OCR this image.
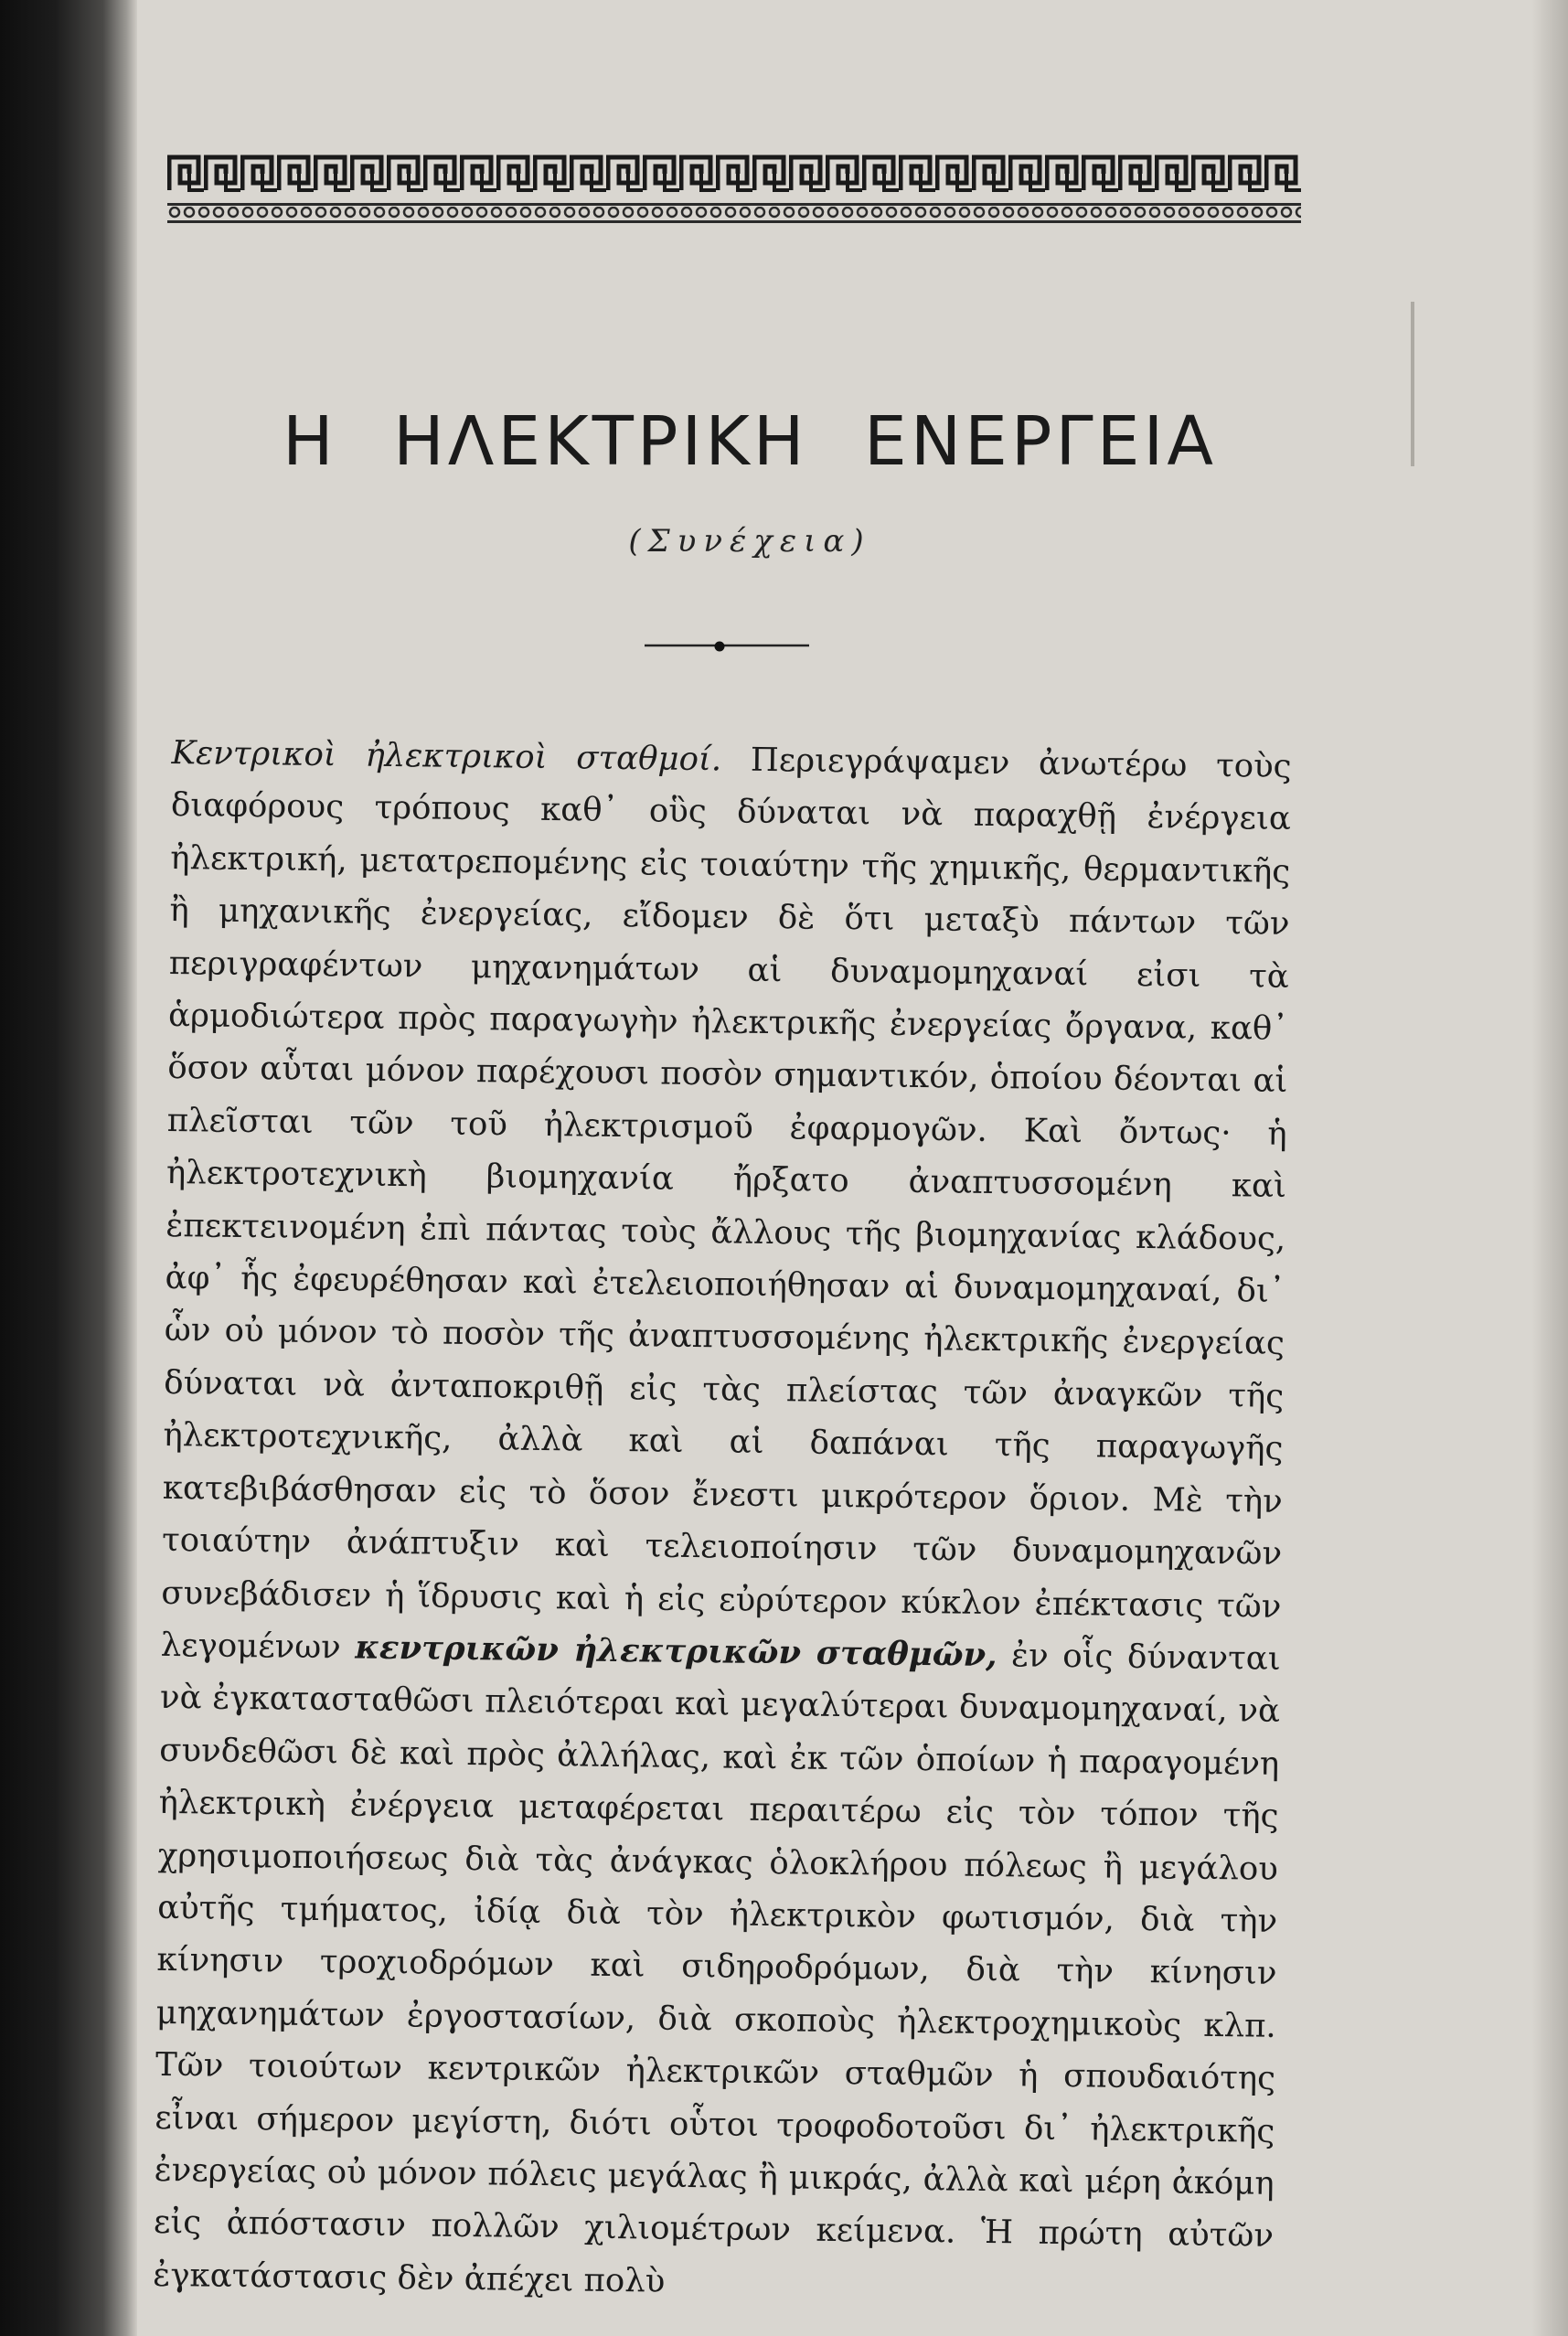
Η ΗΛΕΚΤΡΙΚΗ ΕΝΕΡΓΕΙΑ
(Συνέχεια)

Κεντρικοὶ ἠλεκτρικοὶ σταθμοί. Περιεγράψαμεν ἀνωτέρω τοὺς διαφόρους τρόπους καθ᾽ οὓς δύναται νὰ παραχθῇ ἐνέργεια ἠλεκτρική, μετατρεπομένης εἰς τοιαύτην τῆς χημικῆς, θερμαντικῆς ἢ μηχανικῆς ἐνεργείας, εἴδομεν δὲ ὅτι μεταξὺ πάντων τῶν περιγραφέντων μηχανημάτων αἱ δυναμομηχαναί εἰσι τὰ ἁρμοδιώτερα πρὸς παραγωγὴν ἠλεκτρικῆς ἐνεργείας ὄργανα, καθ᾽ ὅσον αὗται μόνον παρέχουσι ποσὸν σημαντικόν, ὁποίου δέονται αἱ πλεῖσται τῶν τοῦ ἠλεκτρισμοῦ ἐφαρμογῶν. Καὶ ὄντως· ἡ ἠλεκτροτεχνικὴ βιομηχανία ἤρξατο ἀναπτυσσομένη καὶ ἐπεκτεινομένη ἐπὶ πάντας τοὺς ἄλλους τῆς βιομηχανίας κλάδους, ἀφ᾽ ἧς ἐφευρέθησαν καὶ ἐτελειοποιήθησαν αἱ δυναμομηχαναί, δι᾽ ὧν οὐ μόνον τὸ ποσὸν τῆς ἀναπτυσσομένης ἠλεκτρικῆς ἐνεργείας δύναται νὰ ἀνταποκριθῇ εἰς τὰς πλείστας τῶν ἀναγκῶν τῆς ἠλεκτροτεχνικῆς, ἀλλὰ καὶ αἱ δαπάναι τῆς παραγωγῆς κατεβιβάσθησαν εἰς τὸ ὅσον ἔνεστι μικρότερον ὅριον. Μὲ τὴν τοιαύτην ἀνάπτυξιν καὶ τελειοποίησιν τῶν δυναμομηχανῶν συνεβάδισεν ἡ ἵδρυσις καὶ ἡ εἰς εὐρύτερον κύκλον ἐπέκτασις τῶν λεγομένων κεντρικῶν ἠλεκτρικῶν σταθμῶν, ἐν οἷς δύνανται νὰ ἐγκατασταθῶσι πλειότεραι καὶ μεγαλύτεραι δυναμομηχαναί, νὰ συνδεθῶσι δὲ καὶ πρὸς ἀλλήλας, καὶ ἐκ τῶν ὁποίων ἡ παραγομένη ἠλεκτρικὴ ἐνέργεια μεταφέρεται περαιτέρω εἰς τὸν τόπον τῆς χρησιμοποιήσεως διὰ τὰς ἀνάγκας ὁλοκλήρου πόλεως ἢ μεγάλου αὐτῆς τμήματος, ἰδίᾳ διὰ τὸν ἠλεκτρικὸν φωτισμόν, διὰ τὴν κίνησιν τροχιοδρόμων καὶ σιδηροδρόμων, διὰ τὴν κίνησιν μηχανημάτων ἐργοστασίων, διὰ σκοποὺς ἠλεκτροχημικοὺς κλπ. Τῶν τοιούτων κεντρικῶν ἠλεκτρικῶν σταθμῶν ἡ σπουδαιότης εἶναι σήμερον μεγίστη, διότι οὗτοι τροφοδοτοῦσι δι᾽ ἠλεκτρικῆς ἐνεργείας οὐ μόνον πόλεις μεγάλας ἢ μικράς, ἀλλὰ καὶ μέρη ἀκόμη εἰς ἀπόστασιν πολλῶν χιλιομέτρων κείμενα. Ἡ πρώτη αὐτῶν ἐγκατάστασις δὲν ἀπέχει πολὺ
